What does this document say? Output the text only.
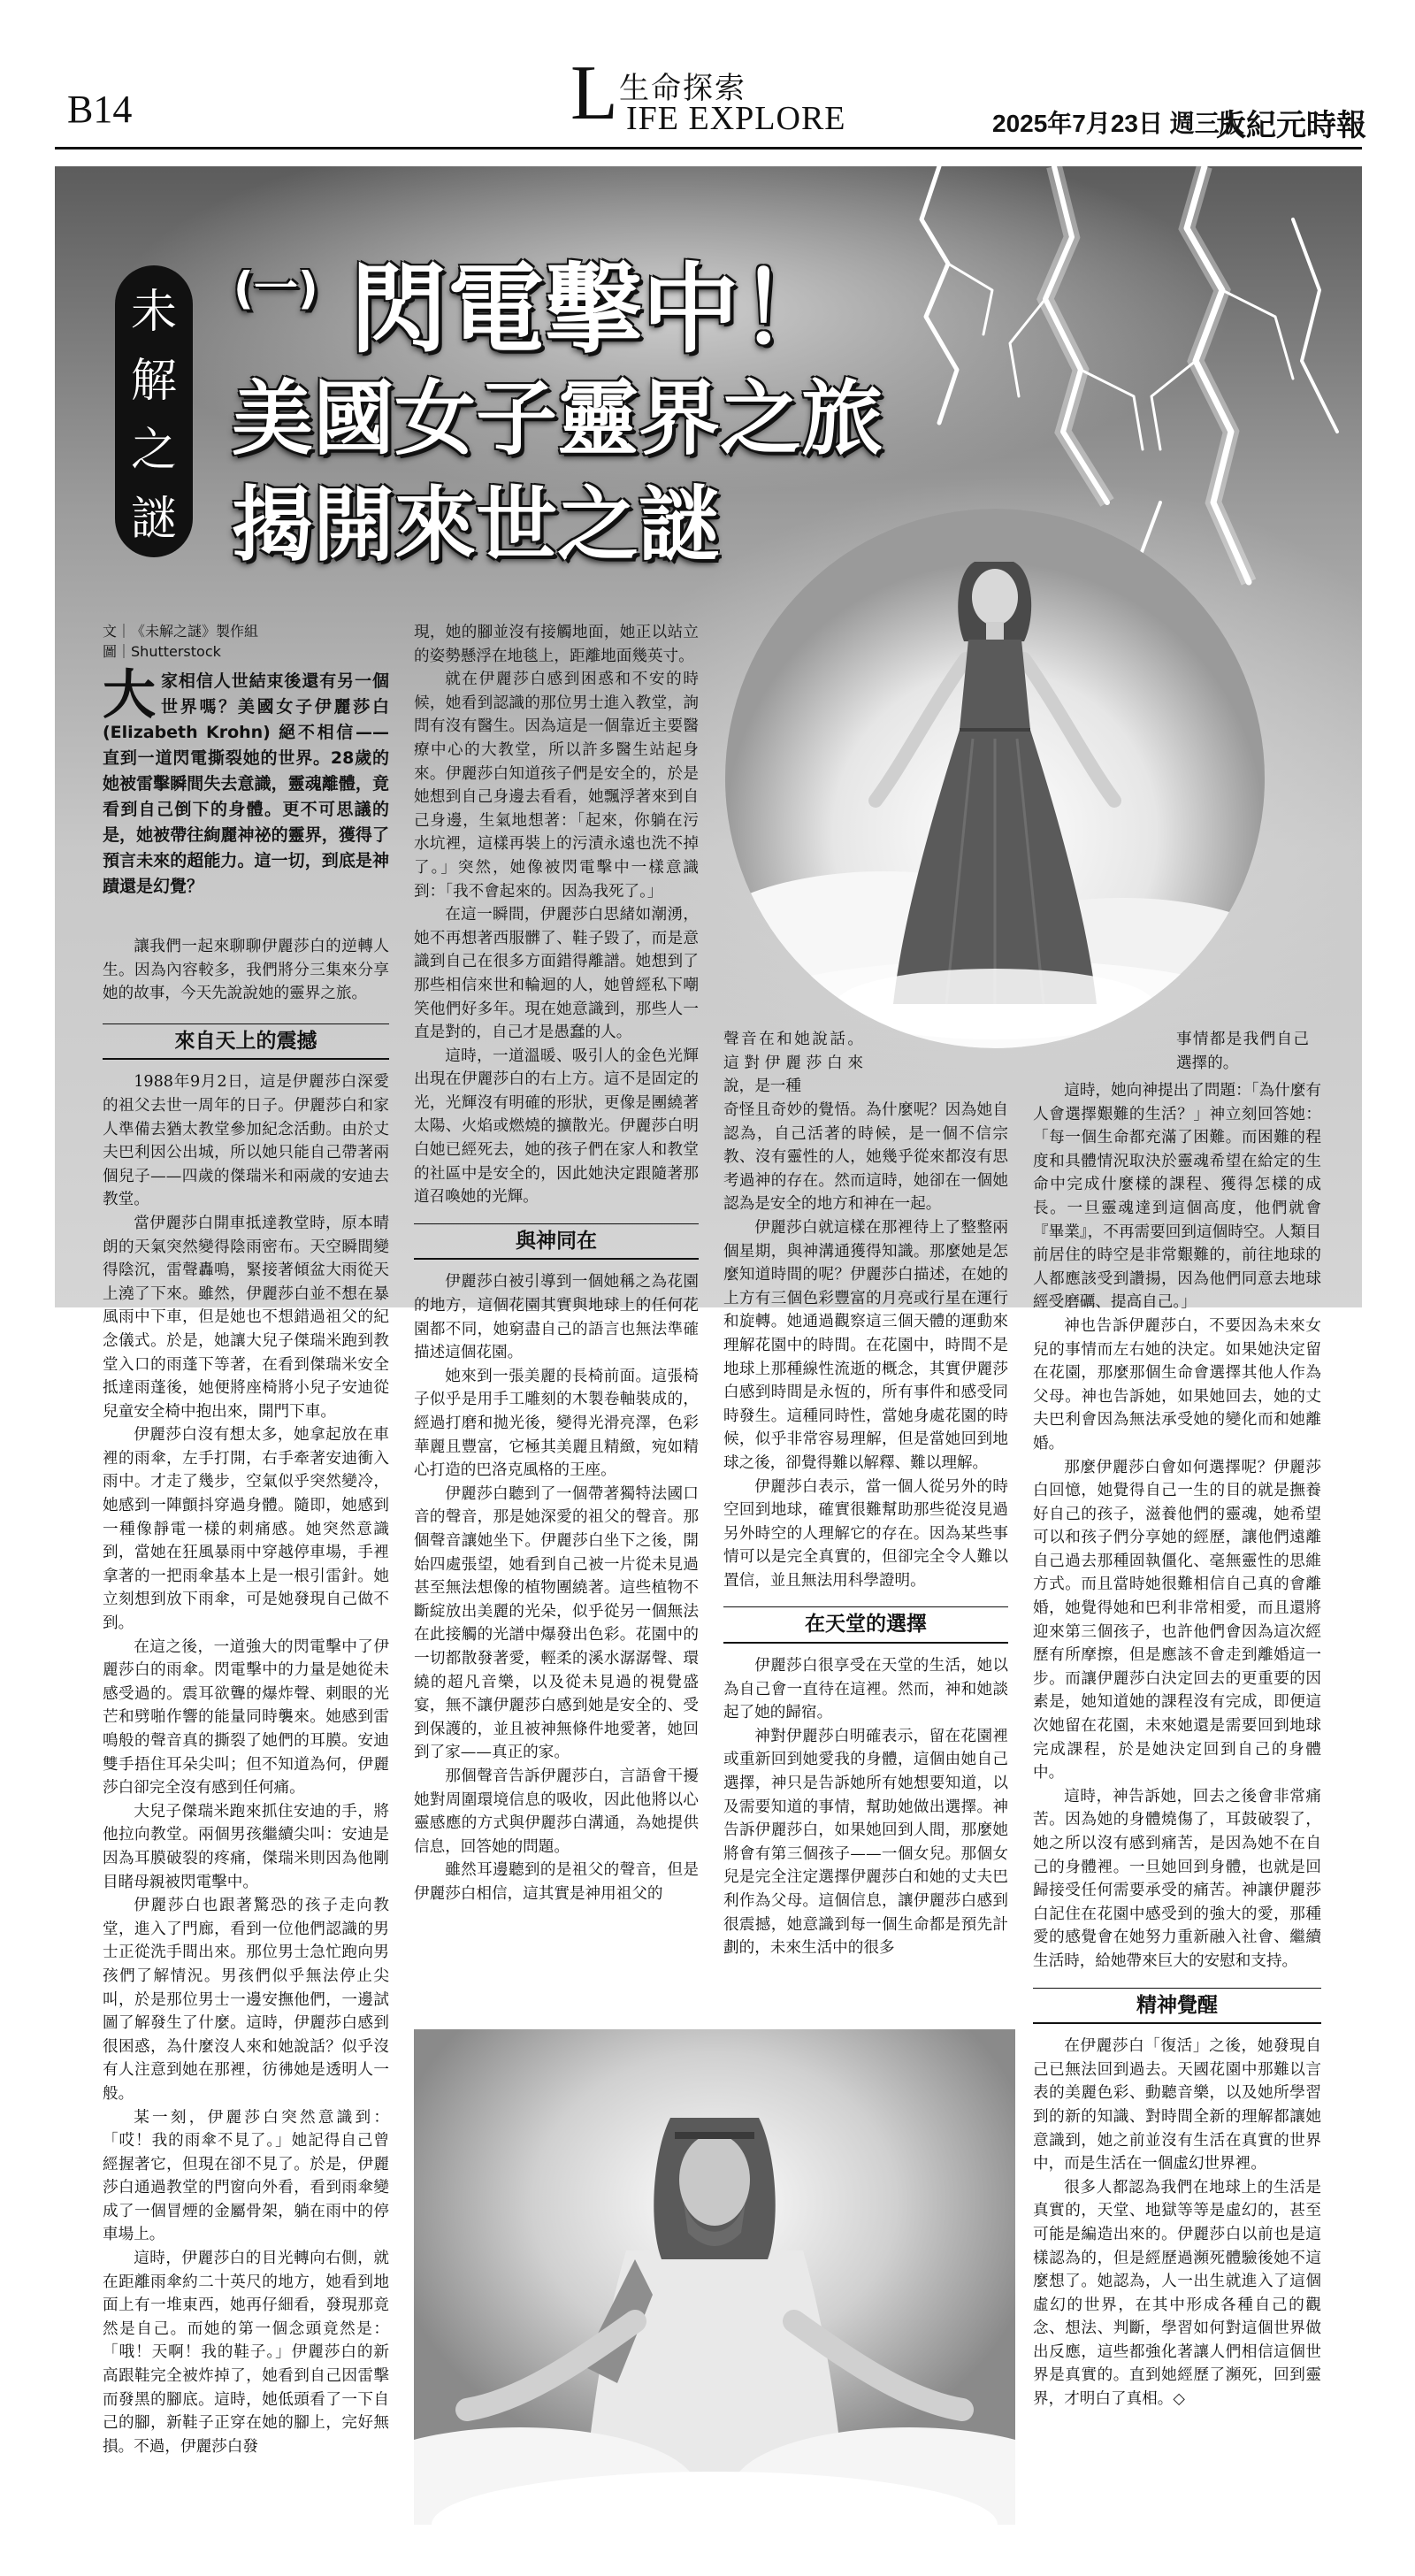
B14	生命探索
L IFE EXPLORE	2025年7月23日 週三版
大紀元時報
未
解
之
謎
(一) 閃電擊中！
美國女子靈界之旅
揭開來世之謎
文｜《未解之謎》製作組
圖｜Shutterstock
大家相信人世結束後還有另一個世界嗎？美國女子伊麗莎白(Elizabeth Krohn) 絕不相信——直到一道閃電撕裂她的世界。28歲的她被雷擊瞬間失去意識，靈魂離體，竟看到自己倒下的身體。更不可思議的是，她被帶往絢麗神祕的靈界，獲得了預言未來的超能力。這一切，到底是神蹟還是幻覺？

讓我們一起來聊聊伊麗莎白的逆轉人生。因為內容較多，我們將分三集來分享她的故事，今天先說說她的靈界之旅。

來自天上的震撼

1988年9月2日，這是伊麗莎白深愛的祖父去世一周年的日子。伊麗莎白和家人準備去猶太教堂參加紀念活動。由於丈夫巴利因公出城，所以她只能自己帶著兩個兒子——四歲的傑瑞米和兩歲的安迪去教堂。

當伊麗莎白開車抵達教堂時，原本晴朗的天氣突然變得陰雨密布。天空瞬間變得陰沉，雷聲轟鳴，緊接著傾盆大雨從天上澆了下來。雖然，伊麗莎白並不想在暴風雨中下車，但是她也不想錯過祖父的紀念儀式。於是，她讓大兒子傑瑞米跑到教堂入口的雨蓬下等著，在看到傑瑞米安全抵達雨蓬後，她便將座椅將小兒子安迪從兒童安全椅中抱出來，開門下車。

伊麗莎白沒有想太多，她拿起放在車裡的雨傘，左手打開，右手牽著安迪衝入雨中。才走了幾步，空氣似乎突然變冷，她感到一陣顫抖穿過身體。隨即，她感到一種像靜電一樣的刺痛感。她突然意識到，當她在狂風暴雨中穿越停車場，手裡拿著的一把雨傘基本上是一根引雷針。她立刻想到放下雨傘，可是她發現自己做不到。

在這之後，一道強大的閃電擊中了伊麗莎白的雨傘。閃電擊中的力量是她從未感受過的。震耳欲聾的爆炸聲、刺眼的光芒和劈啪作響的能量同時襲來。她感到雷鳴般的聲音真的撕裂了她們的耳膜。安迪雙手捂住耳朵尖叫；但不知道為何，伊麗莎白卻完全沒有感到任何痛。

大兒子傑瑞米跑來抓住安迪的手，將他拉向教堂。兩個男孩繼續尖叫：安迪是因為耳膜破裂的疼痛，傑瑞米則因為他剛目睹母親被閃電擊中。

伊麗莎白也跟著驚恐的孩子走向教堂，進入了門廊，看到一位他們認識的男士正從洗手間出來。那位男士急忙跑向男孩們了解情況。男孩們似乎無法停止尖叫，於是那位男士一邊安撫他們，一邊試圖了解發生了什麼。這時，伊麗莎白感到很困惑，為什麼沒人來和她說話？似乎沒有人注意到她在那裡，彷彿她是透明人一般。

某一刻，伊麗莎白突然意識到：「哎！我的雨傘不見了。」她記得自己曾經握著它，但現在卻不見了。於是，伊麗莎白通過教堂的門窗向外看，看到雨傘變成了一個冒煙的金屬骨架，躺在雨中的停車場上。

這時，伊麗莎白的目光轉向右側，就在距離雨傘約二十英尺的地方，她看到地面上有一堆東西，她再仔細看，發現那竟然是自己。而她的第一個念頭竟然是：「哦！天啊！我的鞋子。」伊麗莎白的新高跟鞋完全被炸掉了，她看到自己因雷擊而發黑的腳底。這時，她低頭看了一下自己的腳，新鞋子正穿在她的腳上，完好無損。不過，伊麗莎白發

現，她的腳並沒有接觸地面，她正以站立的姿勢懸浮在地毯上，距離地面幾英寸。

就在伊麗莎白感到困惑和不安的時候，她看到認識的那位男士進入教堂，詢問有沒有醫生。因為這是一個靠近主要醫療中心的大教堂，所以許多醫生站起身來。伊麗莎白知道孩子們是安全的，於是她想到自己身邊去看看，她飄浮著來到自己身邊，生氣地想著：「起來，你躺在污水坑裡，這樣再裝上的污漬永遠也洗不掉了。」突然，她像被閃電擊中一樣意識到：「我不會起來的。因為我死了。」

在這一瞬間，伊麗莎白思緒如潮湧，她不再想著西服髒了、鞋子毀了，而是意識到自己在很多方面錯得離譜。她想到了那些相信來世和輪迴的人，她曾經私下嘲笑他們好多年。現在她意識到，那些人一直是對的，自己才是愚蠢的人。

這時，一道溫暖、吸引人的金色光輝出現在伊麗莎白的右上方。這不是固定的光，光輝沒有明確的形狀，更像是團繞著太陽、火焰或燃燒的擴散光。伊麗莎白明白她已經死去，她的孩子們在家人和教堂的社區中是安全的，因此她決定跟隨著那道召喚她的光輝。

與神同在

伊麗莎白被引導到一個她稱之為花園的地方，這個花園其實與地球上的任何花園都不同，她窮盡自己的語言也無法準確描述這個花園。

她來到一張美麗的長椅前面。這張椅子似乎是用手工雕刻的木製卷軸裝成的，經過打磨和拋光後，變得光滑亮澤，色彩華麗且豐富，它極其美麗且精緻，宛如精心打造的巴洛克風格的王座。

伊麗莎白聽到了一個帶著獨特法國口音的聲音，那是她深愛的祖父的聲音。那個聲音讓她坐下。伊麗莎白坐下之後，開始四處張望，她看到自己被一片從未見過甚至無法想像的植物團繞著。這些植物不斷綻放出美麗的光朵，似乎從另一個無法在此接觸的光譜中爆發出色彩。花園中的一切都散發著愛，輕柔的溪水潺潺聲、環繞的超凡音樂，以及從未見過的視覺盛宴，無不讓伊麗莎白感到她是安全的、受到保護的，並且被神無條件地愛著，她回到了家——真正的家。

那個聲音告訴伊麗莎白，言語會干擾她對周圍環境信息的吸收，因此他將以心靈感應的方式與伊麗莎白溝通，為她提供信息，回答她的問題。

雖然耳邊聽到的是祖父的聲音，但是伊麗莎白相信，這其實是神用祖父的

聲音在和她說話。這對伊麗莎白來說，是一種

奇怪且奇妙的覺悟。為什麼呢？因為她自認為，自己活著的時候，是一個不信宗教、沒有靈性的人，她幾乎從來都沒有思考過神的存在。然而這時，她卻在一個她認為是安全的地方和神在一起。

伊麗莎白就這樣在那裡待上了整整兩個星期，與神溝通獲得知識。那麼她是怎麼知道時間的呢？伊麗莎白描述，在她的上方有三個色彩豐富的月亮或行星在運行和旋轉。她通過觀察這三個天體的運動來理解花園中的時間。在花園中，時間不是地球上那種線性流逝的概念，其實伊麗莎白感到時間是永恆的，所有事件和感受同時發生。這種同時性，當她身處花園的時候，似乎非常容易理解，但是當她回到地球之後，卻覺得難以解釋、難以理解。

伊麗莎白表示，當一個人從另外的時空回到地球，確實很難幫助那些從沒見過另外時空的人理解它的存在。因為某些事情可以是完全真實的，但卻完全令人難以置信，並且無法用科學證明。

在天堂的選擇

伊麗莎白很享受在天堂的生活，她以為自己會一直待在這裡。然而，神和她談起了她的歸宿。

神對伊麗莎白明確表示，留在花園裡或重新回到她愛我的身體，這個由她自己選擇，神只是告訴她所有她想要知道，以及需要知道的事情，幫助她做出選擇。神告訴伊麗莎白，如果她回到人間，那麼她將會有第三個孩子——一個女兒。那個女兒是完全注定選擇伊麗莎白和她的丈夫巴利作為父母。這個信息，讓伊麗莎白感到很震撼，她意識到每一個生命都是預先計劃的，未來生活中的很多

事情都是我們自己選擇的。

這時，她向神提出了問題：「為什麼有人會選擇艱難的生活？」神立刻回答她：「每一個生命都充滿了困難。而困難的程度和具體情況取決於靈魂希望在給定的生命中完成什麼樣的課程、獲得怎樣的成長。一旦靈魂達到這個高度，他們就會『畢業』，不再需要回到這個時空。人類目前居住的時空是非常艱難的，前往地球的人都應該受到讚揚，因為他們同意去地球經受磨礪、提高自己。」

神也告訴伊麗莎白，不要因為未來女兒的事情而左右她的決定。如果她決定留在花園，那麼那個生命會選擇其他人作為父母。神也告訴她，如果她回去，她的丈夫巴利會因為無法承受她的變化而和她離婚。

那麼伊麗莎白會如何選擇呢？伊麗莎白回憶，她覺得自己一生的目的就是撫養好自己的孩子，滋養他們的靈魂，她希望可以和孩子們分享她的經歷，讓他們遠離自己過去那種固執僵化、毫無靈性的思維方式。而且當時她很難相信自己真的會離婚，她覺得她和巴利非常相愛，而且還將迎來第三個孩子，也許他們會因為這次經歷有所摩擦，但是應該不會走到離婚這一步。而讓伊麗莎白決定回去的更重要的因素是，她知道她的課程沒有完成，即便這次她留在花園，未來她還是需要回到地球完成課程，於是她決定回到自己的身體中。

這時，神告訴她，回去之後會非常痛苦。因為她的身體燒傷了，耳鼓破裂了，她之所以沒有感到痛苦，是因為她不在自己的身體裡。一旦她回到身體，也就是回歸接受任何需要承受的痛苦。神讓伊麗莎白記住在花園中感受到的強大的愛，那種愛的感覺會在她努力重新融入社會、繼續生活時，給她帶來巨大的安慰和支持。

精神覺醒

在伊麗莎白「復活」之後，她發現自己已無法回到過去。天國花園中那難以言表的美麗色彩、動聽音樂，以及她所學習到的新的知識、對時間全新的理解都讓她意識到，她之前並沒有生活在真實的世界中，而是生活在一個虛幻世界裡。

很多人都認為我們在地球上的生活是真實的，天堂、地獄等等是虛幻的，甚至可能是編造出來的。伊麗莎白以前也是這樣認為的，但是經歷過瀕死體驗後她不這麼想了。她認為，人一出生就進入了這個虛幻的世界，在其中形成各種自己的觀念、想法、判斷，學習如何對這個世界做出反應，這些都強化著讓人們相信這個世界是真實的。直到她經歷了瀕死，回到靈界，才明白了真相。◇
